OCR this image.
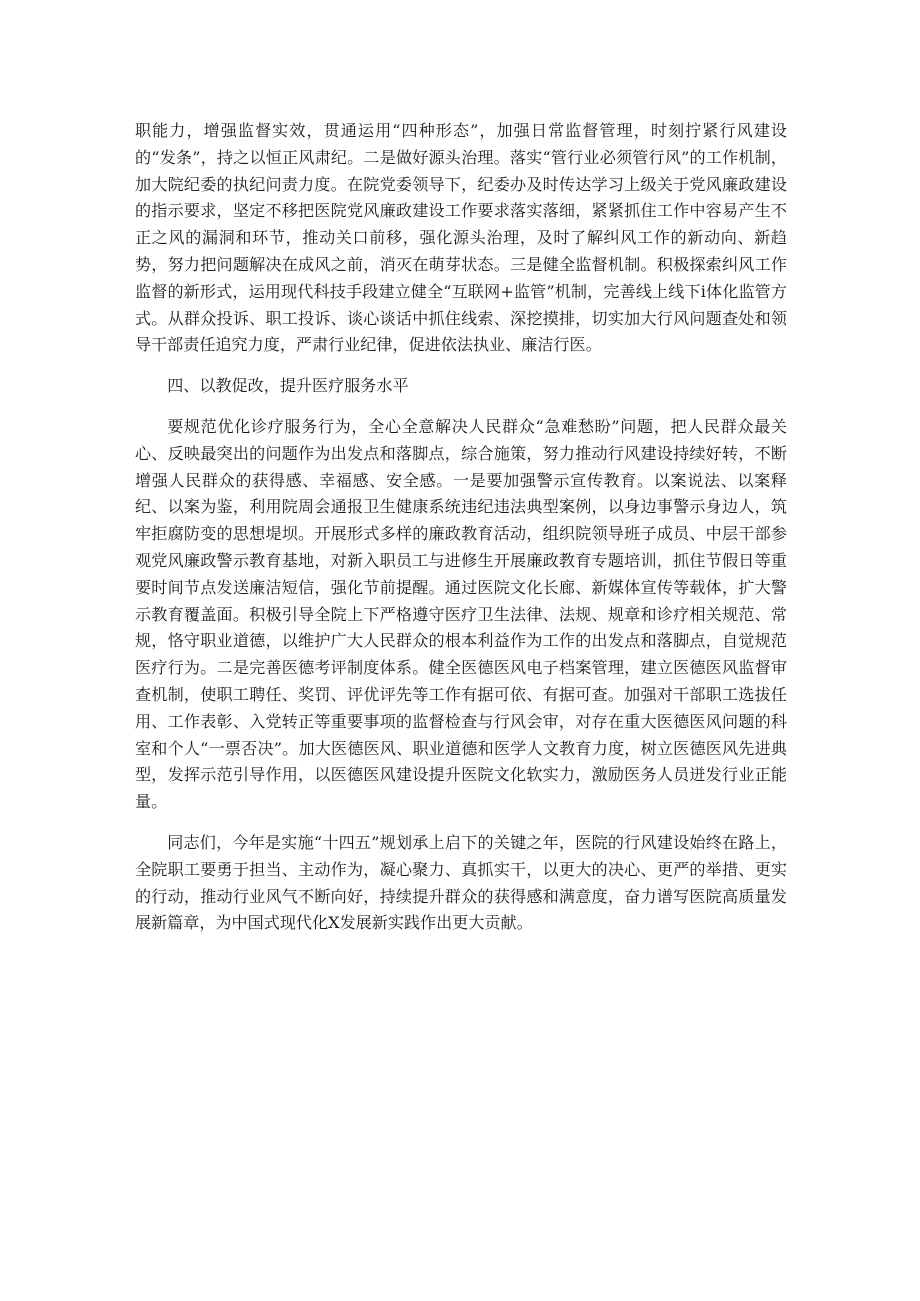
职能力，增强监督实效，贯通运用“四种形态”，加强日常监督管理，时刻拧紧行风建设的“发条”，持之以恒正风肃纪。二是做好源头治理。落实“管行业必须管行风”的工作机制，加大院纪委的执纪问责力度。在院党委领导下，纪委办及时传达学习上级关于党风廉政建设的指示要求，坚定不移把医院党风廉政建设工作要求落实落细，紧紧抓住工作中容易产生不正之风的漏洞和环节，推动关口前移，强化源头治理，及时了解纠风工作的新动向、新趋势，努力把问题解决在成风之前，消灭在萌芽状态。三是健全监督机制。积极探索纠风工作监督的新形式，运用现代科技手段建立健全“互联网+监管”机制，完善线上线下i体化监管方式。从群众投诉、职工投诉、谈心谈话中抓住线索、深挖摸排，切实加大行风问题查处和领导干部责任追究力度，严肃行业纪律，促进依法执业、廉洁行医。

四、以教促改，提升医疗服务水平

要规范优化诊疗服务行为，全心全意解决人民群众“急难愁盼”问题，把人民群众最关心、反映最突出的问题作为出发点和落脚点，综合施策，努力推动行风建设持续好转，不断增强人民群众的获得感、幸福感、安全感。一是要加强警示宣传教育。以案说法、以案释纪、以案为鉴，利用院周会通报卫生健康系统违纪违法典型案例，以身边事警示身边人，筑牢拒腐防变的思想堤坝。开展形式多样的廉政教育活动，组织院领导班子成员、中层干部参观党风廉政警示教育基地，对新入职员工与进修生开展廉政教育专题培训，抓住节假日等重要时间节点发送廉洁短信，强化节前提醒。通过医院文化长廊、新媒体宣传等载体，扩大警示教育覆盖面。积极引导全院上下严格遵守医疗卫生法律、法规、规章和诊疗相关规范、常规，恪守职业道德，以维护广大人民群众的根本利益作为工作的出发点和落脚点，自觉规范医疗行为。二是完善医德考评制度体系。健全医德医风电子档案管理，建立医德医风监督审查机制，使职工聘任、奖罚、评优评先等工作有据可依、有据可查。加强对干部职工选拔任用、工作表彰、入党转正等重要事项的监督检查与行风会审，对存在重大医德医风问题的科室和个人“一票否决”。加大医德医风、职业道德和医学人文教育力度，树立医德医风先进典型，发挥示范引导作用，以医德医风建设提升医院文化软实力，激励医务人员迸发行业正能量。

同志们，今年是实施“十四五”规划承上启下的关键之年，医院的行风建设始终在路上，全院职工要勇于担当、主动作为，凝心聚力、真抓实干，以更大的决心、更严的举措、更实的行动，推动行业风气不断向好，持续提升群众的获得感和满意度，奋力谱写医院高质量发展新篇章，为中国式现代化X发展新实践作出更大贡献。
